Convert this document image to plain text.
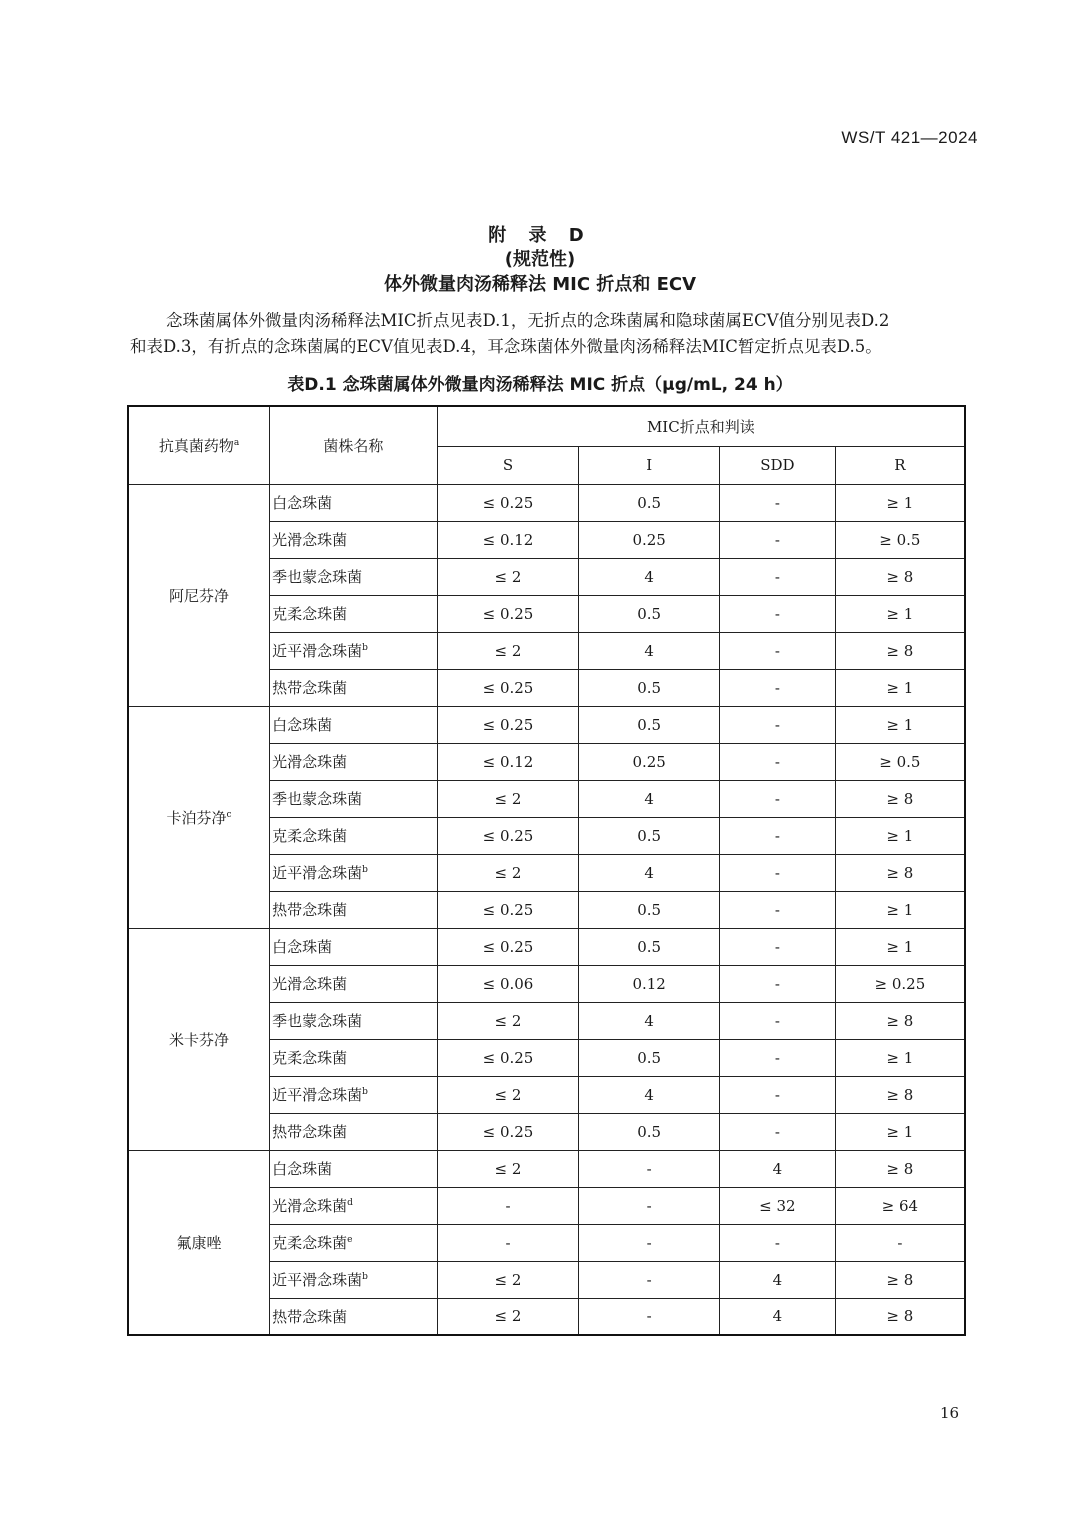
WS/T 421—2024
附 录 D
(规范性)
体外微量肉汤稀释法 MIC 折点和 ECV

念珠菌属体外微量肉汤稀释法MIC折点见表D.1，无折点的念珠菌属和隐球菌属ECV值分别见表D.2

和表D.3，有折点的念珠菌属的ECV值见表D.4，耳念珠菌体外微量肉汤稀释法MIC暂定折点见表D.5。

表D.1 念珠菌属体外微量肉汤稀释法 MIC 折点（μg/mL, 24 h）
抗真菌药物$^a$	菌株名称	MIC折点和判读			
		S	I	SDD	R
阿尼芬净	白念珠菌	≤ 0.25	0.5	-	≥ 1
	光滑念珠菌	≤ 0.12	0.25	-	≥ 0.5
	季也蒙念珠菌	≤ 2	4	-	≥ 8
	克柔念珠菌	≤ 0.25	0.5	-	≥ 1
	近平滑念珠菌$^b$	≤ 2	4	-	≥ 8
	热带念珠菌	≤ 0.25	0.5	-	≥ 1
卡泊芬净$^c$	白念珠菌	≤ 0.25	0.5	-	≥ 1
	光滑念珠菌	≤ 0.12	0.25	-	≥ 0.5
	季也蒙念珠菌	≤ 2	4	-	≥ 8
	克柔念珠菌	≤ 0.25	0.5	-	≥ 1
	近平滑念珠菌$^b$	≤ 2	4	-	≥ 8
	热带念珠菌	≤ 0.25	0.5	-	≥ 1
米卡芬净	白念珠菌	≤ 0.25	0.5	-	≥ 1
	光滑念珠菌	≤ 0.06	0.12	-	≥ 0.25
	季也蒙念珠菌	≤ 2	4	-	≥ 8
	克柔念珠菌	≤ 0.25	0.5	-	≥ 1
	近平滑念珠菌$^b$	≤ 2	4	-	≥ 8
	热带念珠菌	≤ 0.25	0.5	-	≥ 1
氟康唑	白念珠菌	≤ 2	-	4	≥ 8
	光滑念珠菌$^d$	-	-	≤ 32	≥ 64
	克柔念珠菌$^e$	-	-	-	-
	近平滑念珠菌$^b$	≤ 2	-	4	≥ 8
	热带念珠菌	≤ 2	-	4	≥ 8
16
